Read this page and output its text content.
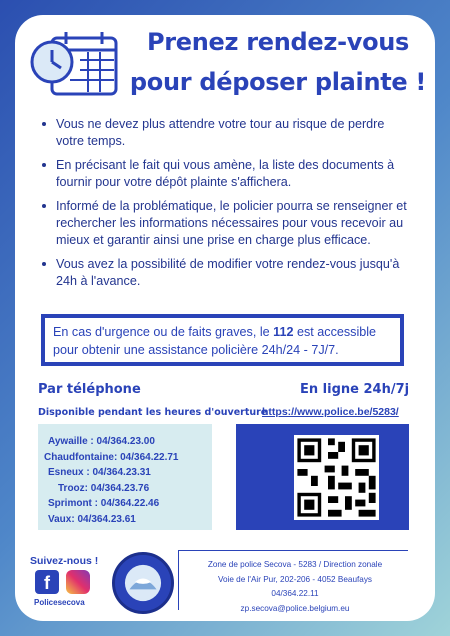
Prenez rendez-vous
pour déposer plainte !
Vous ne devez plus attendre votre tour au risque de perdre votre temps.
En précisant le fait qui vous amène, la liste des documents à fournir pour votre dépôt plainte s'affichera.
Informé de la problématique, le policier pourra se renseigner et rechercher les informations nécessaires pour vous recevoir au mieux et garantir ainsi une prise en charge plus efficace.
Vous avez la possibilité de modifier votre rendez-vous jusqu'à 24h à l'avance.
En cas d'urgence ou de faits graves, le 112 est accessible pour obtenir une assistance policière 24h/24 - 7J/7.
Par téléphone	En ligne 24h/7j
Disponible pendant les heures d'ouverture
https://www.police.be/5283/
Aywaille : 04/364.23.00
Chaudfontaine: 04/364.22.71
Esneux : 04/364.23.31
Trooz: 04/364.23.76
Sprimont : 04/364.22.46
Vaux: 04/364.23.61
Suivez-nous !
f
Policesecova
Zone de police Secova - 5283 / Direction zonale
Voie de l'Air Pur, 202-206 - 4052 Beaufays
04/364.22.11
zp.secova@police.belgium.eu
